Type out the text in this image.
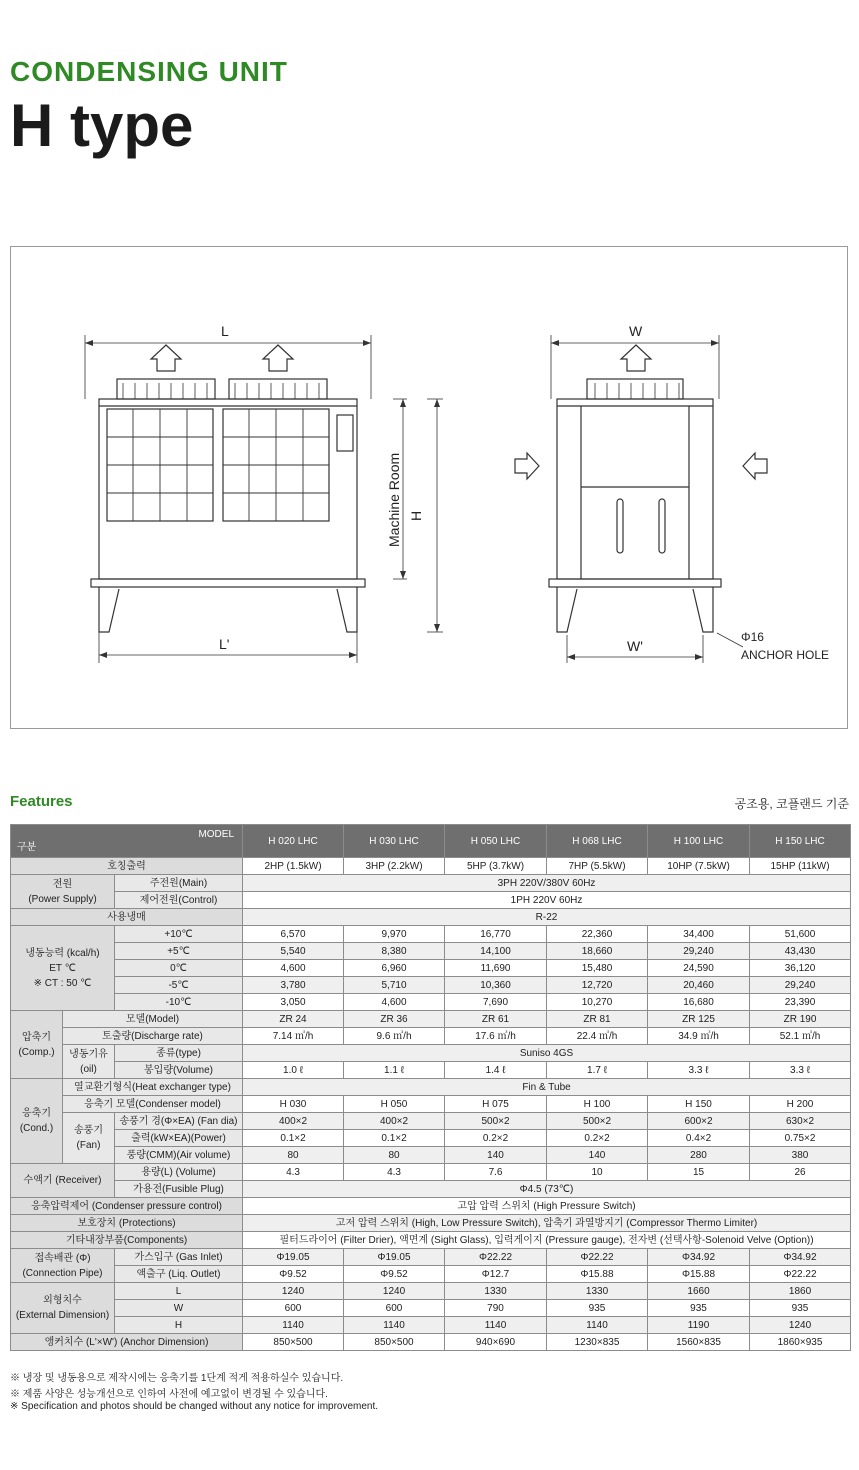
CONDENSING UNIT
H type
L
L'
W
W'
H
Machine Room
Φ16
ANCHOR HOLE
Features	공조용, 코플랜드 기준
MODEL
구분			H 020 LHC	H 030 LHC	H 050 LHC	H 068 LHC	H 100 LHC	H 150 LHC
호칭출력			2HP (1.5kW)	3HP (2.2kW)	5HP (3.7kW)	7HP (5.5kW)	10HP (7.5kW)	15HP (11kW)
전원
(Power Supply)		주전원(Main)	3PH 220V/380V 60Hz					
		제어전원(Control)	1PH 220V 60Hz					
사용냉매			R-22					
냉동능력 (kcal/h)
ET ℃
※ CT : 50 ℃		+10℃	6,570	9,970	16,770	22,360	34,400	51,600
		+5℃	5,540	8,380	14,100	18,660	29,240	43,430
		0℃	4,600	6,960	11,690	15,480	24,590	36,120
		-5℃	3,780	5,710	10,360	12,720	20,460	29,240
		-10℃	3,050	4,600	7,690	10,270	16,680	23,390
압축기
(Comp.)	모델(Model)		ZR 24	ZR 36	ZR 61	ZR 81	ZR 125	ZR 190
	토출량(Discharge rate)		7.14 ㎥/h	9.6 ㎥/h	17.6 ㎥/h	22.4 ㎥/h	34.9 ㎥/h	52.1 ㎥/h
	냉동기유
(oil)	종류(type)	Suniso 4GS					
		봉입량(Volume)	1.0 ℓ	1.1 ℓ	1.4 ℓ	1.7 ℓ	3.3 ℓ	3.3 ℓ
응축기
(Cond.)	열교환기형식(Heat exchanger type)		Fin & Tube					
	응축기 모델(Condenser model)		H 030	H 050	H 075	H 100	H 150	H 200
	송풍기
(Fan)	송풍기 경(Φ×EA) (Fan dia)	400×2	400×2	500×2	500×2	600×2	630×2
		출력(kW×EA)(Power)	0.1×2	0.1×2	0.2×2	0.2×2	0.4×2	0.75×2
		풍량(CMM)(Air volume)	80	80	140	140	280	380
수액기 (Receiver)		용량(L) (Volume)	4.3	4.3	7.6	10	15	26
		가용전(Fusible Plug)	Φ4.5 (73℃)					
응축압력제어 (Condenser pressure control)			고압 압력 스위치 (High Pressure Switch)					
보호장치 (Protections)			고저 압력 스위치 (High, Low Pressure Switch), 압축기 과열방지기 (Compressor Thermo Limiter)					
기타내장부품(Components)			필터드라이어 (Filter Drier), 액면계 (Sight Glass), 입력게이지 (Pressure gauge), 전자변 (선택사항-Solenoid Velve (Option))					
접속배관 (Φ)
(Connection Pipe)		가스입구 (Gas Inlet)	Φ19.05	Φ19.05	Φ22.22	Φ22.22	Φ34.92	Φ34.92
		액출구 (Liq. Outlet)	Φ9.52	Φ9.52	Φ12.7	Φ15.88	Φ15.88	Φ22.22
외형치수
(External Dimension)		L	1240	1240	1330	1330	1660	1860
		W	600	600	790	935	935	935
		H	1140	1140	1140	1140	1190	1240
앵커치수 (L'×W') (Anchor Dimension)			850×500	850×500	940×690	1230×835	1560×835	1860×935

※ 냉장 및 냉동용으로 제작시에는 응축기를 1단계 적게 적용하실수 있습니다.

※ 제품 사양은 성능개선으로 인하여 사전에 예고없이 변경될 수 있습니다.

※ Specification and photos should be changed without any notice for improvement.
